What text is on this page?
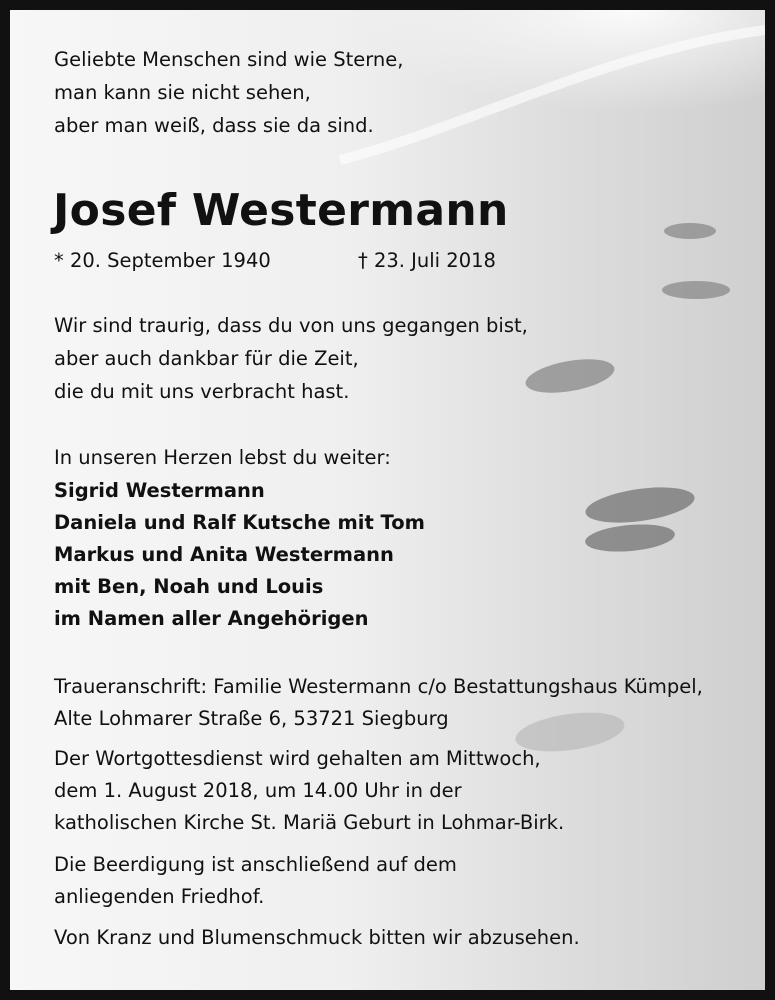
Geliebte Menschen sind wie Sterne,
man kann sie nicht sehen,
aber man weiß, dass sie da sind.
Josef Westermann
* 20. September 1940	† 23. Juli 2018
Wir sind traurig, dass du von uns gegangen bist,
aber auch dankbar für die Zeit,
die du mit uns verbracht hast.
In unseren Herzen lebst du weiter:
Sigrid Westermann
Daniela und Ralf Kutsche mit Tom
Markus und Anita Westermann
mit Ben, Noah und Louis
im Namen aller Angehörigen
Traueranschrift: Familie Westermann c/o Bestattungshaus Kümpel,
Alte Lohmarer Straße 6, 53721 Siegburg
Der Wortgottesdienst wird gehalten am Mittwoch,
dem 1. August 2018, um 14.00 Uhr in der
katholischen Kirche St. Mariä Geburt in Lohmar-Birk.
Die Beerdigung ist anschließend auf dem
anliegenden Friedhof.
Von Kranz und Blumenschmuck bitten wir abzusehen.
